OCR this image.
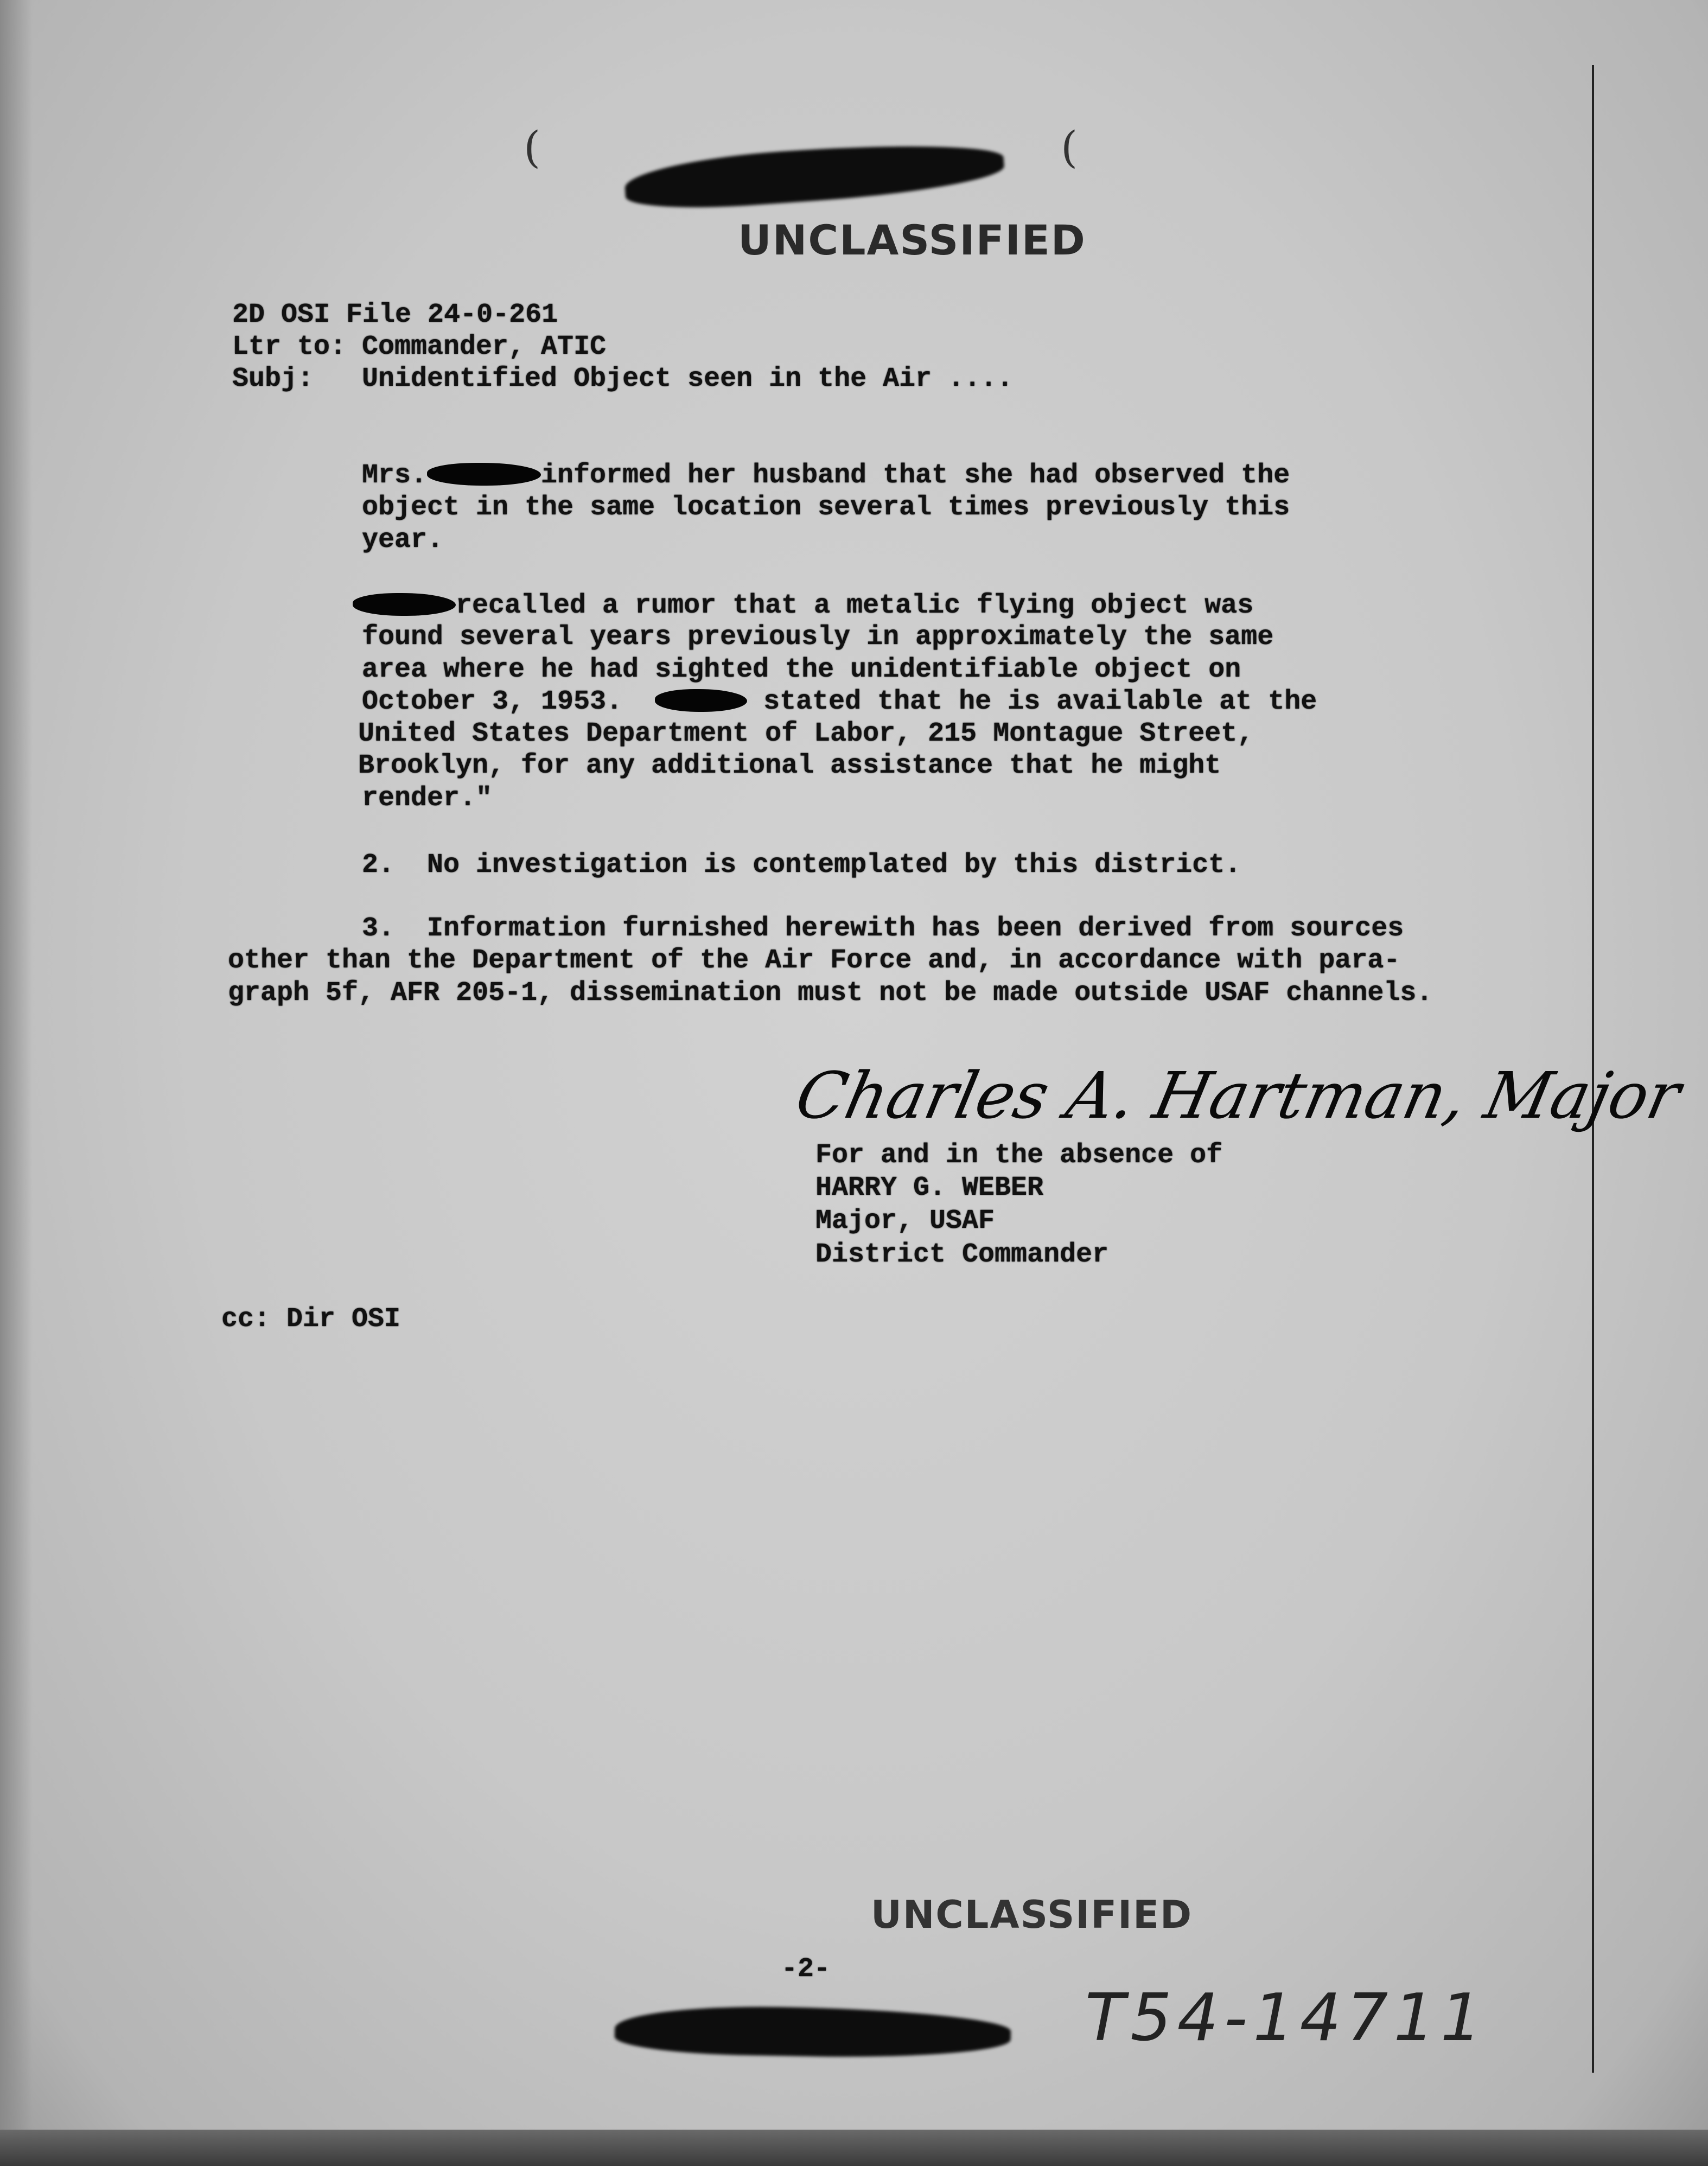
(	(
UNCLASSIFIED
2D OSI File 24-0-261
Ltr to: Commander, ATIC
Subj: Unidentified Object seen in the Air ....
Mrs.	informed her husband that she had observed the
object in the same location several times previously this
year.
recalled a rumor that a metalic flying object was
found several years previously in approximately the same
area where he had sighted the unidentifiable object on
October 3, 1953.	stated that he is available at the
United States Department of Labor, 215 Montague Street,
Brooklyn, for any additional assistance that he might
render."
2.  No investigation is contemplated by this district.
3.  Information furnished herewith has been derived from sources
other than the Department of the Air Force and, in accordance with para-
graph 5f, AFR 205-1, dissemination must not be made outside USAF channels.
Charles A. Hartman, Major
For and in the absence of
HARRY G. WEBER
Major, USAF
District Commander
cc: Dir OSI
UNCLASSIFIED
-2-
T54-14711
